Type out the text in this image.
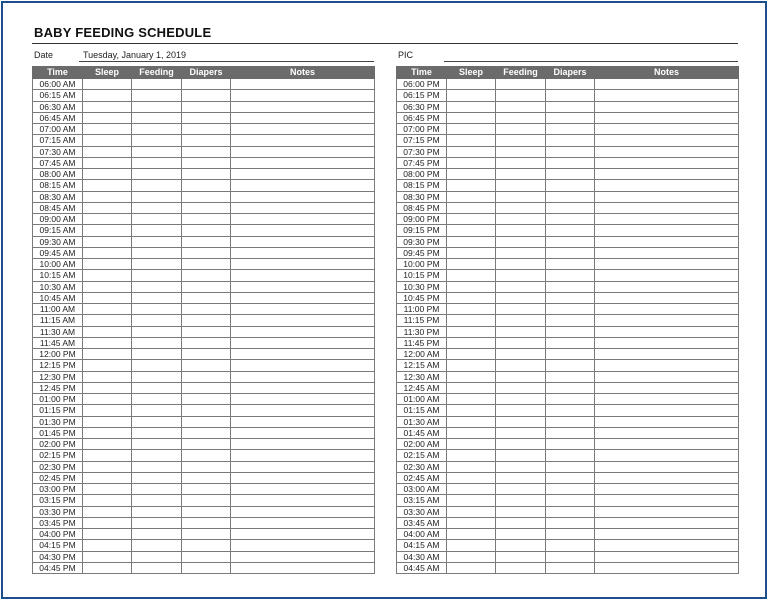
BABY FEEDING SCHEDULE
Date	Tuesday, January 1, 2019	PIC
Time	Sleep	Feeding	Diapers	Notes
06:00 AM				
06:15 AM				
06:30 AM				
06:45 AM				
07:00 AM				
07:15 AM				
07:30 AM				
07:45 AM				
08:00 AM				
08:15 AM				
08:30 AM				
08:45 AM				
09:00 AM				
09:15 AM				
09:30 AM				
09:45 AM				
10:00 AM				
10:15 AM				
10:30 AM				
10:45 AM				
11:00 AM				
11:15 AM				
11:30 AM				
11:45 AM				
12:00 PM				
12:15 PM				
12:30 PM				
12:45 PM				
01:00 PM				
01:15 PM				
01:30 PM				
01:45 PM				
02:00 PM				
02:15 PM				
02:30 PM				
02:45 PM				
03:00 PM				
03:15 PM				
03:30 PM				
03:45 PM				
04:00 PM				
04:15 PM				
04:30 PM				
04:45 PM				
Time	Sleep	Feeding	Diapers	Notes
06:00 PM				
06:15 PM				
06:30 PM				
06:45 PM				
07:00 PM				
07:15 PM				
07:30 PM				
07:45 PM				
08:00 PM				
08:15 PM				
08:30 PM				
08:45 PM				
09:00 PM				
09:15 PM				
09:30 PM				
09:45 PM				
10:00 PM				
10:15 PM				
10:30 PM				
10:45 PM				
11:00 PM				
11:15 PM				
11:30 PM				
11:45 PM				
12:00 AM				
12:15 AM				
12:30 AM				
12:45 AM				
01:00 AM				
01:15 AM				
01:30 AM				
01:45 AM				
02:00 AM				
02:15 AM				
02:30 AM				
02:45 AM				
03:00 AM				
03:15 AM				
03:30 AM				
03:45 AM				
04:00 AM				
04:15 AM				
04:30 AM				
04:45 AM				
